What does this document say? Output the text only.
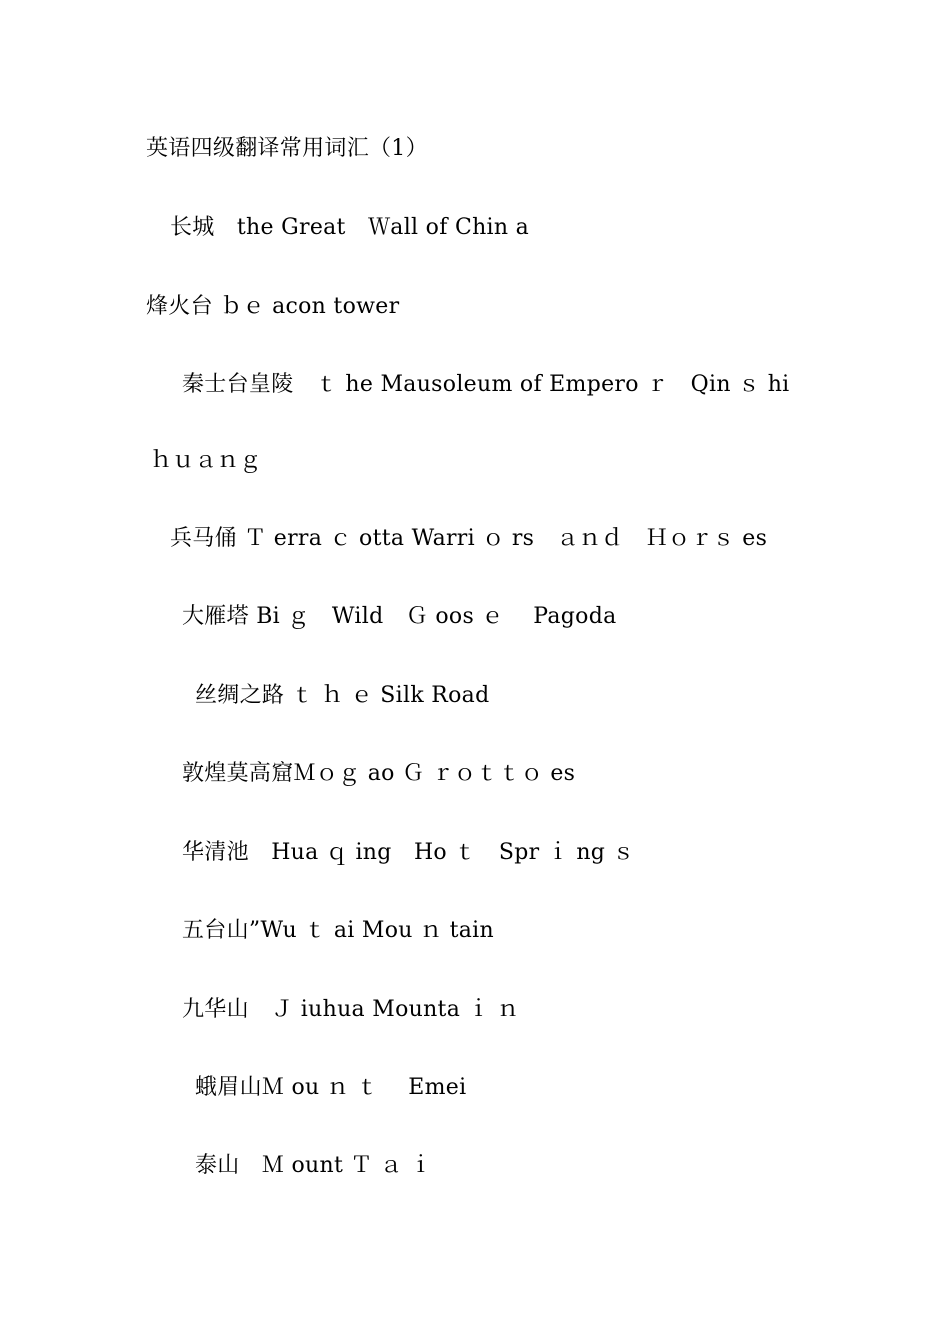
英语四级翻译常用词汇（1）
长城　the Great　Ｗall of Chin a
烽火台 ｂｅ acon tower
秦士台皇陵　ｔ he Mausoleum of Empero ｒ　Qin ｓ hi
ｈｕａｎｇ
兵马俑 Ｔ erra ｃ otta Warri ｏ rs　ａｎｄ　Ｈｏｒｓ es
大雁塔 Bi ｇ　Wild　Ｇ oos ｅ　 Pagoda
丝绸之路 ｔ ｈ ｅ Silk Road
敦煌莫高窟Ｍｏｇ ao Ｇ ｒｏｔｔｏ es
华清池　Hua ｑ ing　Ho ｔ　Spr ｉ ng ｓ
五台山”Wu ｔ ai Mou ｎ tain
九华山　Ｊ iuhua Mounta ｉ ｎ
蛾眉山Ｍ ou ｎ ｔ　 Emei
泰山　Ｍ ount Ｔ ａ ｉ
